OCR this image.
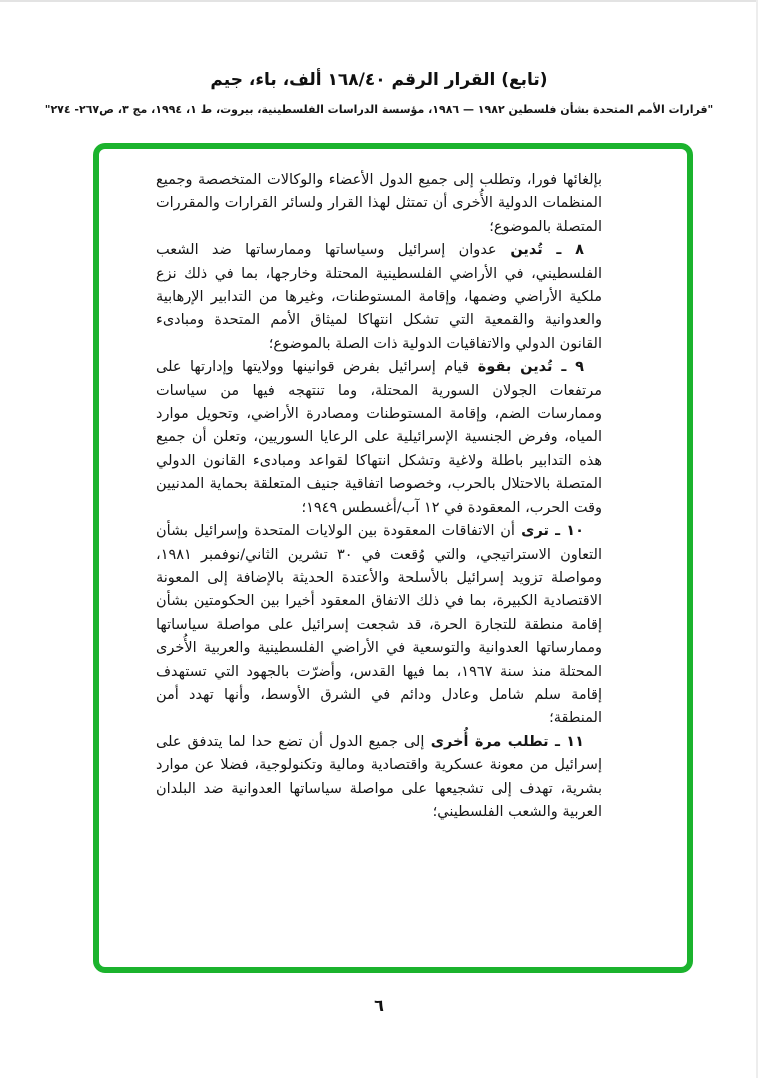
(تابع) القرار الرقم ١٦٨/٤٠ ألف، باء، جيم
"قرارات الأمم المتحدة بشأن فلسطين ١٩٨٢ — ١٩٨٦، مؤسسة الدراسات الفلسطينية، بيروت، ط ١، ١٩٩٤، مج ٣، ص٢٦٧- ٢٧٤"

بإلغائها فورا، وتطلب إلى جميع الدول الأعضاء والوكالات المتخصصة وجميع المنظمات الدولية الأُخرى أن تمتثل لهذا القرار ولسائر القرارات والمقررات المتصلة بالموضوع؛

٨ ـ تُدين عدوان إسرائيل وسياساتها وممارساتها ضد الشعب الفلسطيني، في الأراضي الفلسطينية المحتلة وخارجها، بما في ذلك نزع ملكية الأراضي وضمها، وإقامة المستوطنات، وغيرها من التدابير الإرهابية والعدوانية والقمعية التي تشكل انتهاكا لميثاق الأمم المتحدة ومبادىء القانون الدولي والاتفاقيات الدولية ذات الصلة بالموضوع؛

٩ ـ تُدين بقوة قيام إسرائيل بفرض قوانينها وولايتها وإدارتها على مرتفعات الجولان السورية المحتلة، وما تنتهجه فيها من سياسات وممارسات الضم، وإقامة المستوطنات ومصادرة الأراضي، وتحويل موارد المياه، وفرض الجنسية الإسرائيلية على الرعايا السوريين، وتعلن أن جميع هذه التدابير باطلة ولاغية وتشكل انتهاكا لقواعد ومبادىء القانون الدولي المتصلة بالاحتلال بالحرب، وخصوصا اتفاقية جنيف المتعلقة بحماية المدنيين وقت الحرب، المعقودة في ١٢ آب/أغسطس ١٩٤٩؛

١٠ ـ ترى أن الاتفاقات المعقودة بين الولايات المتحدة وإسرائيل بشأن التعاون الاستراتيجي، والتي وُقعت في ٣٠ تشرين الثاني/نوفمبر ١٩٨١، ومواصلة تزويد إسرائيل بالأسلحة والأعتدة الحديثة بالإضافة إلى المعونة الاقتصادية الكبيرة، بما في ذلك الاتفاق المعقود أخيرا بين الحكومتين بشأن إقامة منطقة للتجارة الحرة، قد شجعت إسرائيل على مواصلة سياساتها وممارساتها العدوانية والتوسعية في الأراضي الفلسطينية والعربية الأُخرى المحتلة منذ سنة ١٩٦٧، بما فيها القدس، وأضرّت بالجهود التي تستهدف إقامة سلم شامل وعادل ودائم في الشرق الأوسط، وأنها تهدد أمن المنطقة؛

١١ ـ تطلب مرة أُخرى إلى جميع الدول أن تضع حدا لما يتدفق على إسرائيل من معونة عسكرية واقتصادية ومالية وتكنولوجية، فضلا عن موارد بشرية، تهدف إلى تشجيعها على مواصلة سياساتها العدوانية ضد البلدان العربية والشعب الفلسطيني؛

٦
